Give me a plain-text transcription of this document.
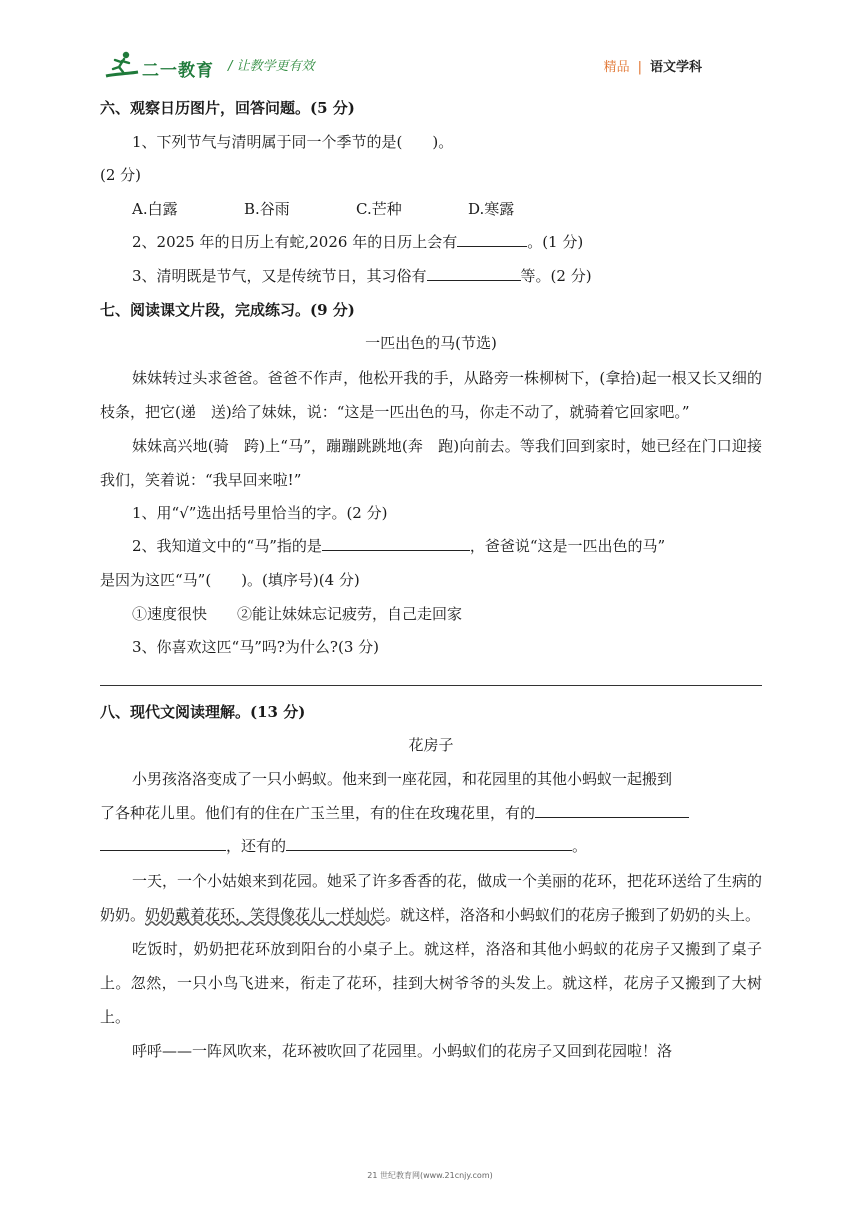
二一教育 / 让教学更有效	精品 | 语文学科
六、观察日历图片，回答问题。(5 分)
1、下列节气与清明属于同一个季节的是(　　)。
(2 分)
A.白露	B.谷雨	C.芒种	D.寒露
2、2025 年的日历上有蛇,2026 年的日历上会有	。(1 分)
3、清明既是节气，又是传统节日，其习俗有	等。(2 分)
七、阅读课文片段，完成练习。(9 分)
一匹出色的马(节选)
妹妹转过头求爸爸。爸爸不作声，他松开我的手，从路旁一株柳树下，(拿拾)起一根又长又细的枝条，把它(递　送)给了妹妹，说：“这是一匹出色的马，你走不动了，就骑着它回家吧。”
妹妹高兴地(骑　跨)上“马”，蹦蹦跳跳地(奔　跑)向前去。等我们回到家时，她已经在门口迎接我们，笑着说：“我早回来啦!”
1、用“√”选出括号里恰当的字。(2 分)
2、我知道文中的“马”指的是	，爸爸说“这是一匹出色的马”
是因为这匹“马”(　　)。(填序号)(4 分)
①速度很快　　②能让妹妹忘记疲劳，自己走回家
3、你喜欢这匹“马”吗?为什么?(3 分)
八、现代文阅读理解。(13 分)
花房子
小男孩洛洛变成了一只小蚂蚁。他来到一座花园，和花园里的其他小蚂蚁一起搬到
了各种花儿里。他们有的住在广玉兰里，有的住在玫瑰花里，有的
，还有的	。
一天，一个小姑娘来到花园。她采了许多香香的花，做成一个美丽的花环，把花环送给了生病的奶奶。奶奶戴着花环，笑得像花儿一样灿烂。就这样，洛洛和小蚂蚁们的花房子搬到了奶奶的头上。
吃饭时，奶奶把花环放到阳台的小桌子上。就这样，洛洛和其他小蚂蚁的花房子又搬到了桌子上。忽然，一只小鸟飞进来，衔走了花环，挂到大树爷爷的头发上。就这样，花房子又搬到了大树上。
呼呼——一阵风吹来，花环被吹回了花园里。小蚂蚁们的花房子又回到花园啦！洛
21 世纪教育网(www.21cnjy.com)
